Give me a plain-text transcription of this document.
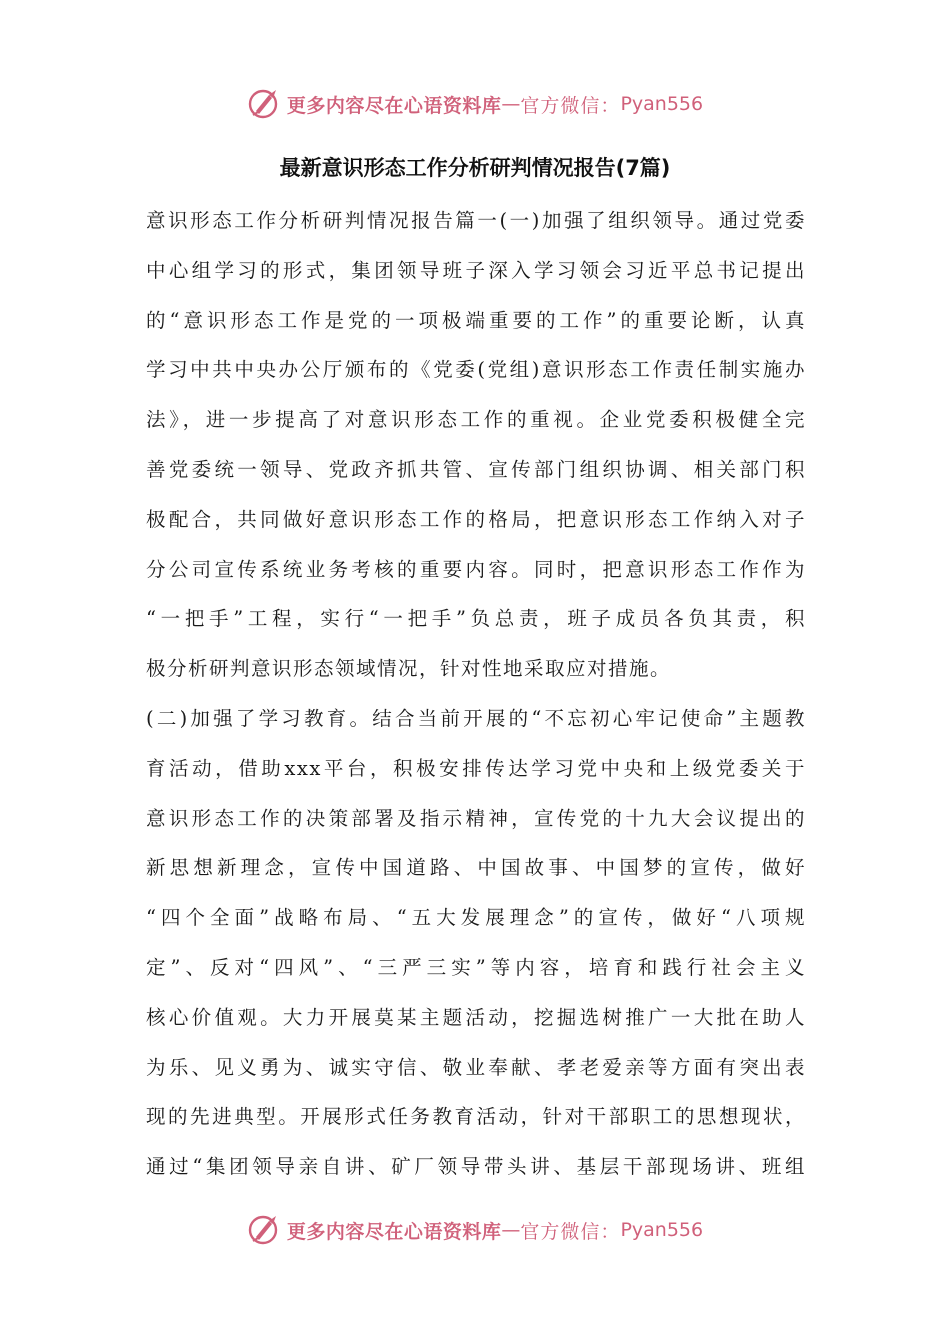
更多内容尽在心语资料库 — 官方微信： Pyan556
最新意识形态工作分析研判情况报告(7篇)
意识形态工作分析研判情况报告篇一(一)加强了组织领导。通过党委
中心组学习的形式，集团领导班子深入学习领会习近平总书记提出
的“意识形态工作是党的一项极端重要的工作”的重要论断，认真
学习中共中央办公厅颁布的《党委(党组)意识形态工作责任制实施办
法》，进一步提高了对意识形态工作的重视。企业党委积极健全完
善党委统一领导、党政齐抓共管、宣传部门组织协调、相关部门积
极配合，共同做好意识形态工作的格局，把意识形态工作纳入对子
分公司宣传系统业务考核的重要内容。同时，把意识形态工作作为
“一把手”工程，实行“一把手”负总责，班子成员各负其责，积
极分析研判意识形态领域情况，针对性地采取应对措施。
(二)加强了学习教育。结合当前开展的“不忘初心牢记使命”主题教
育活动，借助xxx平台，积极安排传达学习党中央和上级党委关于
意识形态工作的决策部署及指示精神，宣传党的十九大会议提出的
新思想新理念，宣传中国道路、中国故事、中国梦的宣传，做好
“四个全面”战略布局、“五大发展理念”的宣传，做好“八项规
定”、反对“四风”、“三严三实”等内容，培育和践行社会主义
核心价值观。大力开展莫某主题活动，挖掘选树推广一大批在助人
为乐、见义勇为、诚实守信、敬业奉献、孝老爱亲等方面有突出表
现的先进典型。开展形式任务教育活动，针对干部职工的思想现状，
通过“集团领导亲自讲、矿厂领导带头讲、基层干部现场讲、班组
更多内容尽在心语资料库 — 官方微信： Pyan556
